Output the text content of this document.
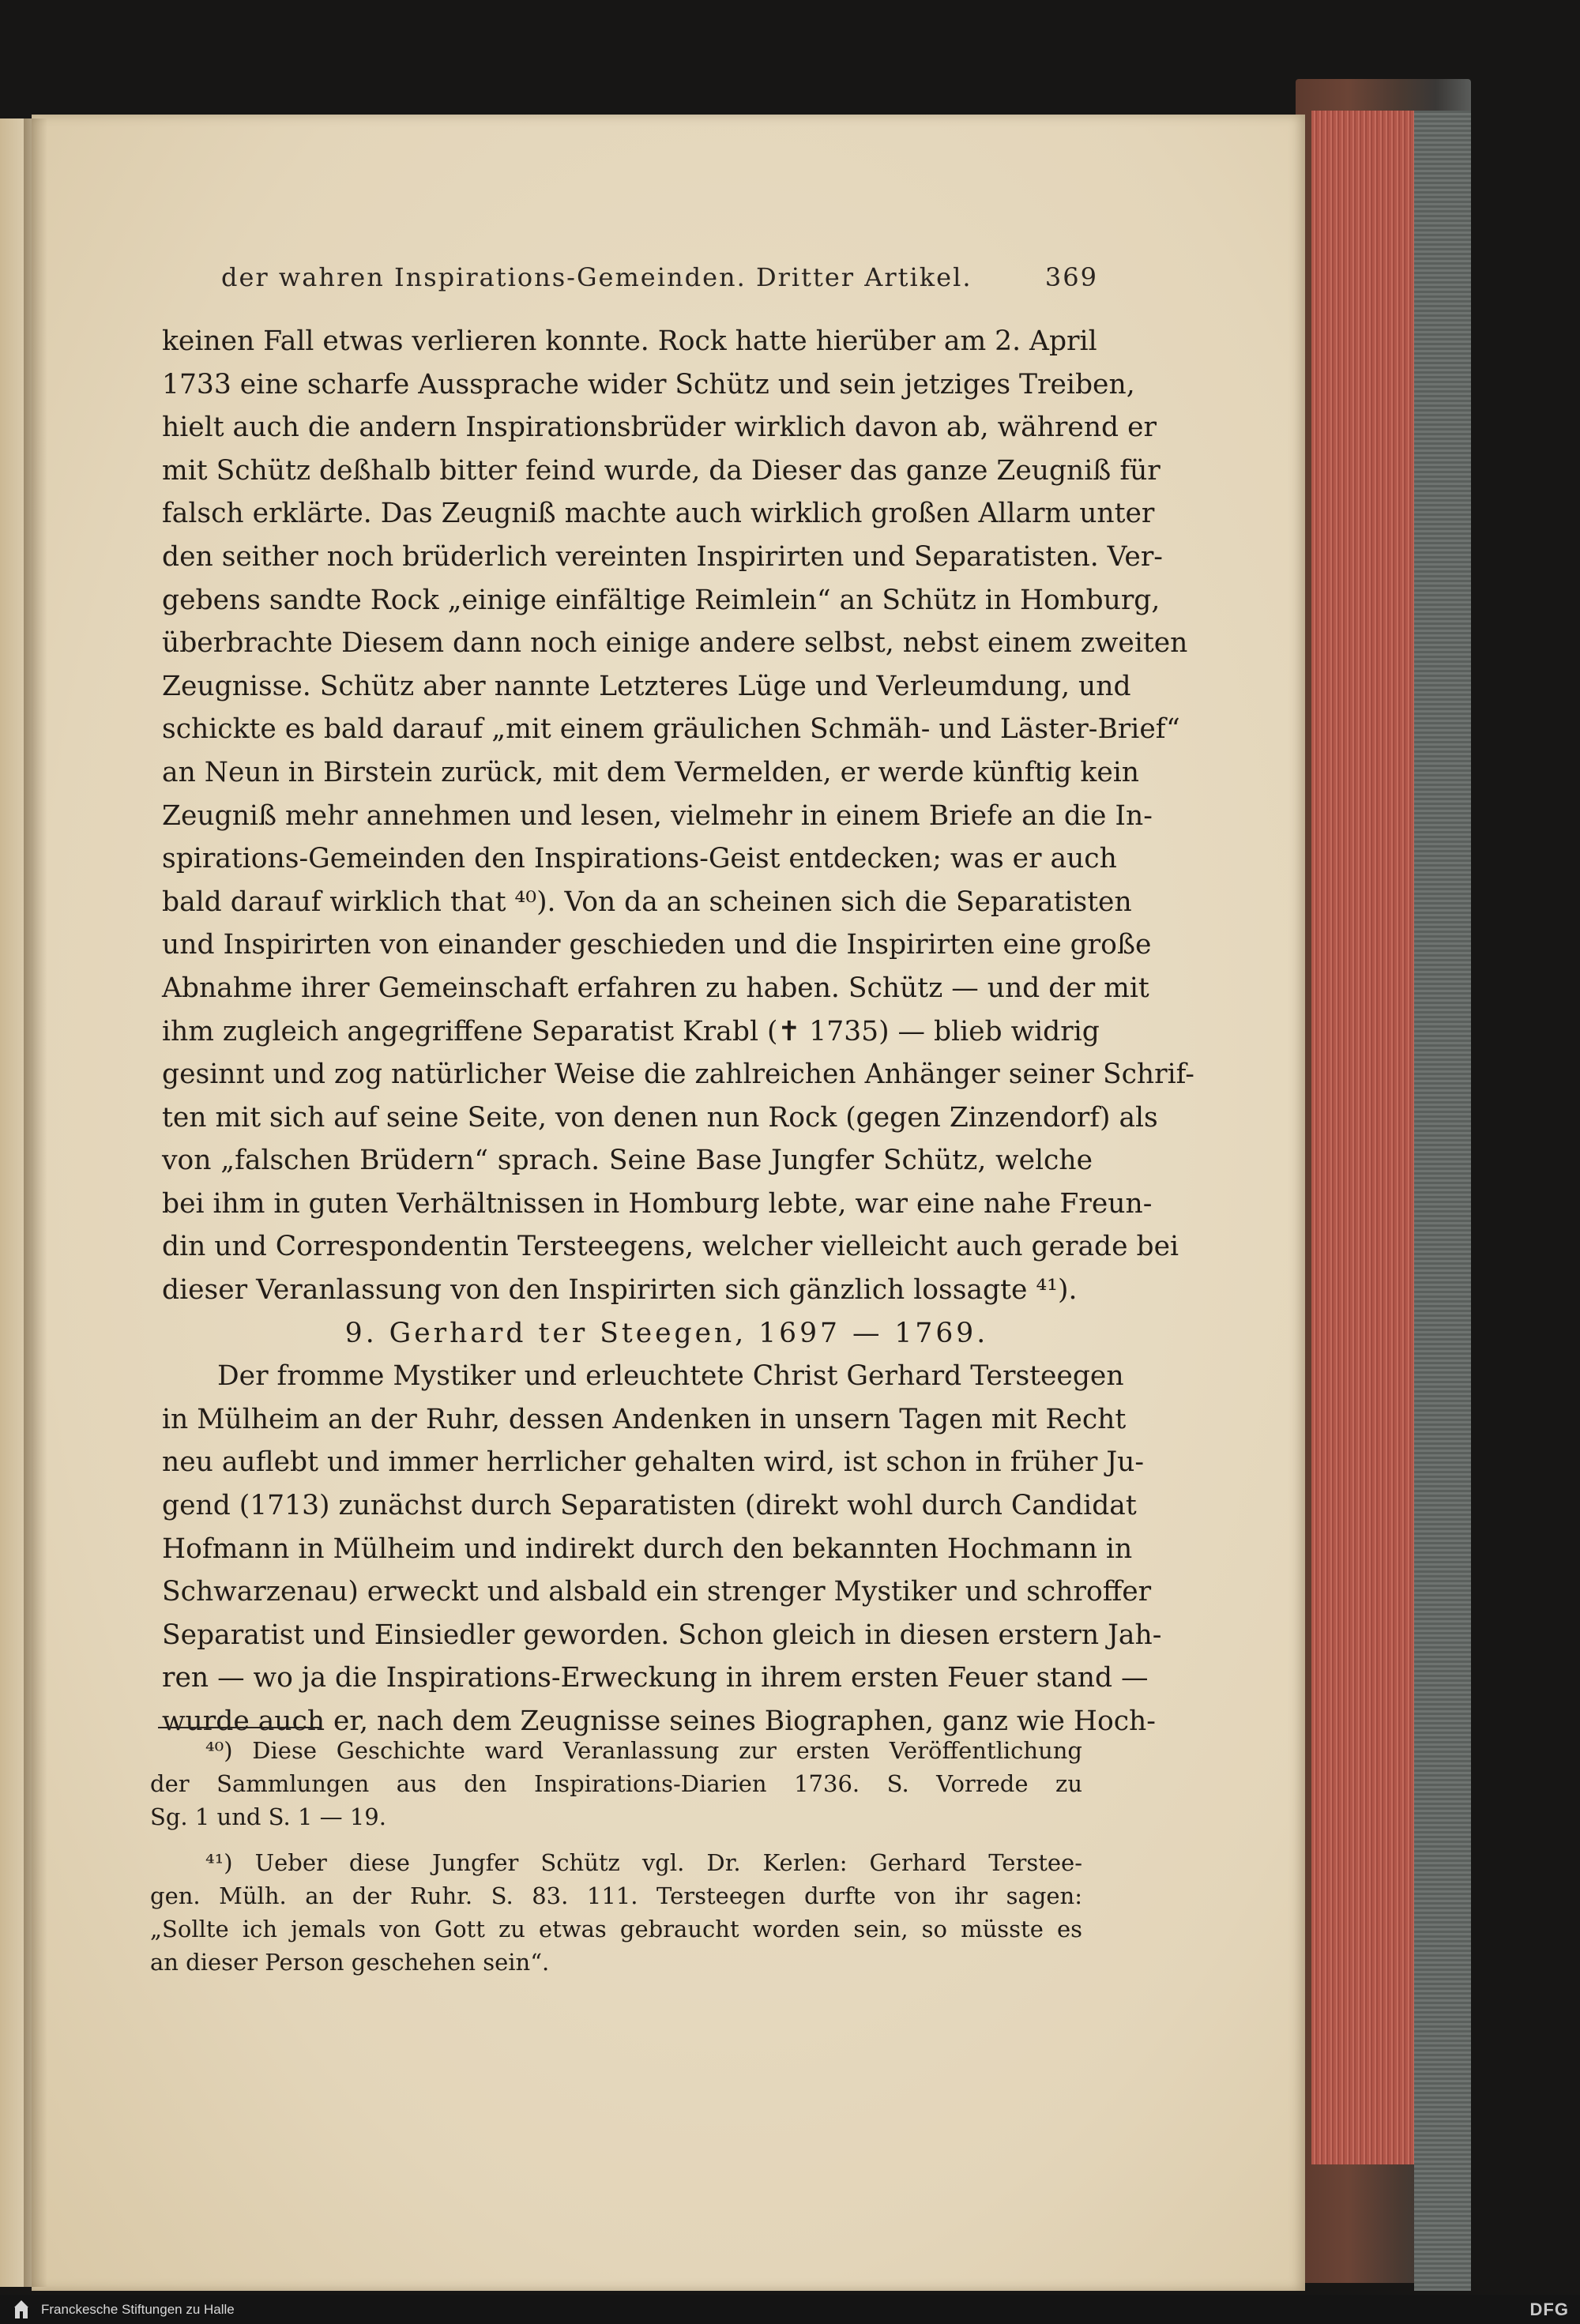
der wahren Inspirations-Gemeinden. Dritter Artikel.	369
keinen Fall etwas verlieren konnte. Rock hatte hierüber am 2. April
1733 eine scharfe Aussprache wider Schütz und sein jetziges Treiben,
hielt auch die andern Inspirationsbrüder wirklich davon ab, während er
mit Schütz deßhalb bitter feind wurde, da Dieser das ganze Zeugniß für
falsch erklärte. Das Zeugniß machte auch wirklich großen Allarm unter
den seither noch brüderlich vereinten Inspirirten und Separatisten. Ver-
gebens sandte Rock „einige einfältige Reimlein“ an Schütz in Homburg,
überbrachte Diesem dann noch einige andere selbst, nebst einem zweiten
Zeugnisse. Schütz aber nannte Letzteres Lüge und Verleumdung, und
schickte es bald darauf „mit einem gräulichen Schmäh- und Läster-Brief“
an Neun in Birstein zurück, mit dem Vermelden, er werde künftig kein
Zeugniß mehr annehmen und lesen, vielmehr in einem Briefe an die In-
spirations-Gemeinden den Inspirations-Geist entdecken; was er auch
bald darauf wirklich that ⁴⁰). Von da an scheinen sich die Separatisten
und Inspirirten von einander geschieden und die Inspirirten eine große
Abnahme ihrer Gemeinschaft erfahren zu haben. Schütz — und der mit
ihm zugleich angegriffene Separatist Krabl (✝ 1735) — blieb widrig
gesinnt und zog natürlicher Weise die zahlreichen Anhänger seiner Schrif-
ten mit sich auf seine Seite, von denen nun Rock (gegen Zinzendorf) als
von „falschen Brüdern“ sprach. Seine Base Jungfer Schütz, welche
bei ihm in guten Verhältnissen in Homburg lebte, war eine nahe Freun-
din und Correspondentin Tersteegens, welcher vielleicht auch gerade bei
dieser Veranlassung von den Inspirirten sich gänzlich lossagte ⁴¹).
9. Gerhard ter Steegen, 1697 — 1769.
Der fromme Mystiker und erleuchtete Christ Gerhard Tersteegen
in Mülheim an der Ruhr, dessen Andenken in unsern Tagen mit Recht
neu auflebt und immer herrlicher gehalten wird, ist schon in früher Ju-
gend (1713) zunächst durch Separatisten (direkt wohl durch Candidat
Hofmann in Mülheim und indirekt durch den bekannten Hochmann in
Schwarzenau) erweckt und alsbald ein strenger Mystiker und schroffer
Separatist und Einsiedler geworden. Schon gleich in diesen erstern Jah-
ren — wo ja die Inspirations-Erweckung in ihrem ersten Feuer stand —
wurde auch er, nach dem Zeugnisse seines Biographen, ganz wie Hoch-
⁴⁰) Diese Geschichte ward Veranlassung zur ersten Veröffentlichung
der Sammlungen aus den Inspirations-Diarien 1736. S. Vorrede zu
Sg. 1 und S. 1 — 19.
⁴¹) Ueber diese Jungfer Schütz vgl. Dr. Kerlen: Gerhard Terstee-
gen. Mülh. an der Ruhr. S. 83. 111. Tersteegen durfte von ihr sagen:
„Sollte ich jemals von Gott zu etwas gebraucht worden sein, so müsste es
an dieser Person geschehen sein“.
Franckesche Stiftungen zu Halle	DFG
